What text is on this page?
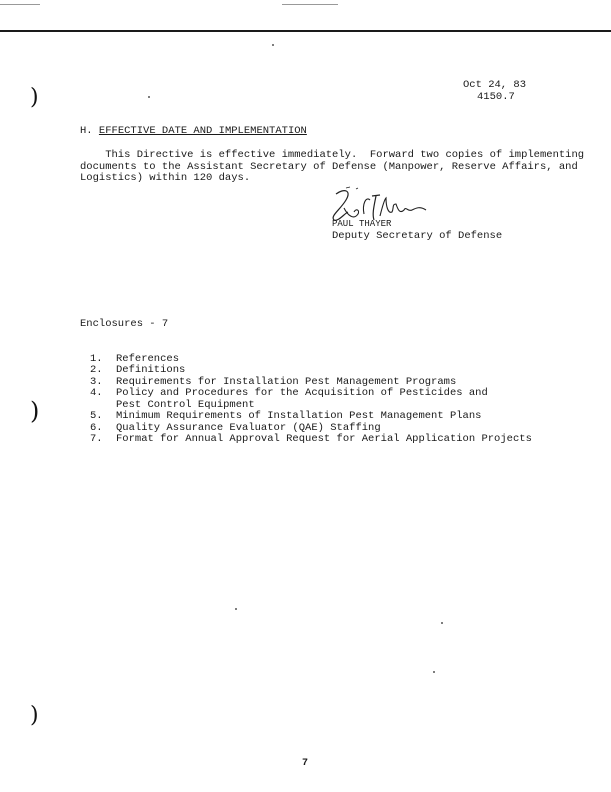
)
)
)
Oct 24, 83
4150.7
H. EFFECTIVE DATE AND IMPLEMENTATION
This Directive is effective immediately.  Forward two copies of implementing
documents to the Assistant Secretary of Defense (Manpower, Reserve Affairs, and
Logistics) within 120 days.
PAUL THAYER
Deputy Secretary of Defense

Enclosures - 7

1.	References
2.	Definitions
3.	Requirements for Installation Pest Management Programs
4.	Policy and Procedures for the Acquisition of Pesticides and
Pest Control Equipment
5.	Minimum Requirements of Installation Pest Management Plans
6.	Quality Assurance Evaluator (QAE) Staffing
7.	Format for Annual Approval Request for Aerial Application Projects

7
